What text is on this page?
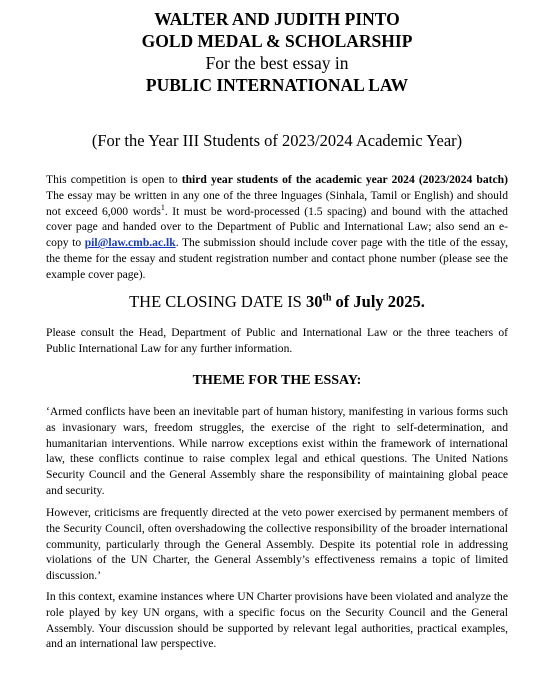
WALTER AND JUDITH PINTO

GOLD MEDAL & SCHOLARSHIP

For the best essay in

PUBLIC INTERNATIONAL LAW

(For the Year III Students of 2023/2024 Academic Year)

This competition is open to third year students of the academic year 2024 (2023/2024 batch) The essay may be written in any one of the three lnguages (Sinhala, Tamil or English) and should not exceed 6,000 words$^1$. It must be word-processed (1.5 spacing) and bound with the attached cover page and handed over to the Department of Public and International Law; also send an e-copy to pil@law.cmb.ac.lk. The submission should include cover page with the title of the essay, the theme for the essay and student registration number and contact phone number (please see the example cover page).

THE CLOSING DATE IS 30th of July 2025.

Please consult the Head, Department of Public and International Law or the three teachers of Public International Law for any further information.

THEME FOR THE ESSAY:

‘Armed conflicts have been an inevitable part of human history, manifesting in various forms such as invasionary wars, freedom struggles, the exercise of the right to self-determination, and humanitarian interventions. While narrow exceptions exist within the framework of international law, these conflicts continue to raise complex legal and ethical questions. The United Nations Security Council and the General Assembly share the responsibility of maintaining global peace and security.

However, criticisms are frequently directed at the veto power exercised by permanent members of the Security Council, often overshadowing the collective responsibility of the broader international community, particularly through the General Assembly. Despite its potential role in addressing violations of the UN Charter, the General Assembly’s effectiveness remains a topic of limited discussion.’

In this context, examine instances where UN Charter provisions have been violated and analyze the role played by key UN organs, with a specific focus on the Security Council and the General Assembly. Your discussion should be supported by relevant legal authorities, practical examples, and an international law perspective.
